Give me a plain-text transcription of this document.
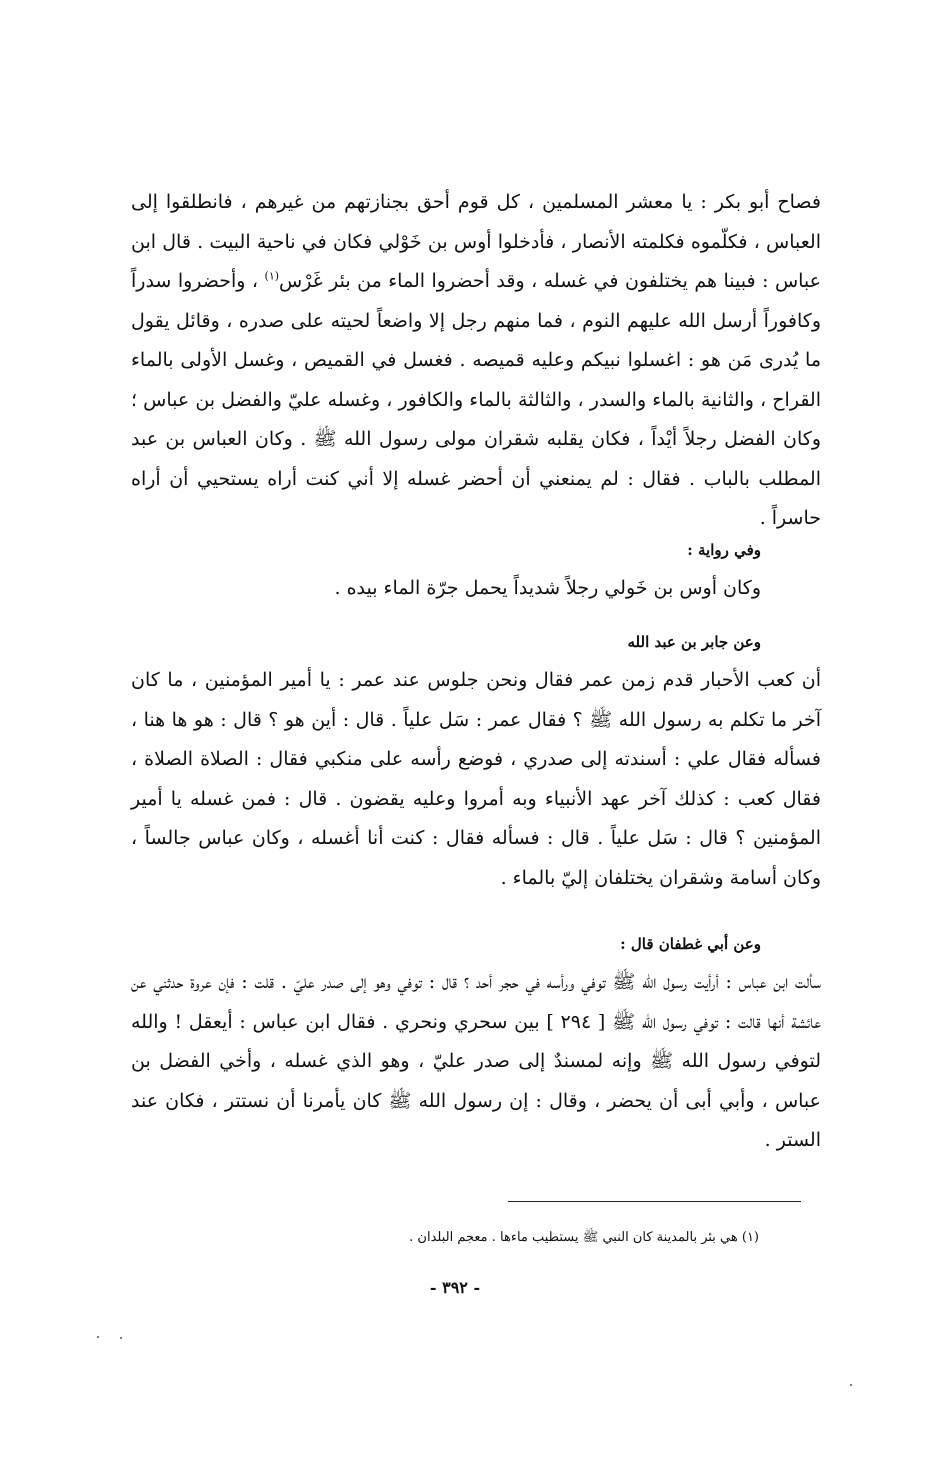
فصاح أبو بكر : يا معشر المسلمين ، كل قوم أحق بجنازتهم من غيرهم ، فانطلقوا إلى العباس ، فكلّموه فكلمته الأنصار ، فأدخلوا أوس بن خَوْلي فكان في ناحية البيت . قال ابن عباس : فبينا هم يختلفون في غسله ، وقد أحضروا الماء من بئر غَرْس$^{(١)}$ ، وأحضروا سدراً وكافوراً أرسل الله عليهم النوم ، فما منهم رجل إلا واضعاً لحيته على صدره ، وقائل يقول ما يُدرى مَن هو : اغسلوا نبيكم وعليه قميصه . فغسل في القميص ، وغسل الأولى بالماء القراح ، والثانية بالماء والسدر ، والثالثة بالماء والكافور ، وغسله عليّ والفضل بن عباس ؛ وكان الفضل رجلاً أيْداً ، فكان يقلبه شقران مولى رسول الله ﷺ . وكان العباس بن عبد المطلب بالباب . فقال : لم يمنعني أن أحضر غسله إلا أني كنت أراه يستحيي أن أراه حاسراً .

وفي رواية :

وكان أوس بن خَولي رجلاً شديداً يحمل جرّة الماء بيده .

وعن جابر بن عبد الله

أن كعب الأحبار قدم زمن عمر فقال ونحن جلوس عند عمر : يا أمير المؤمنين ، ما كان آخر ما تكلم به رسول الله ﷺ ؟ فقال عمر : سَل علياً . قال : أين هو ؟ قال : هو ها هنا ، فسأله فقال علي : أسندته إلى صدري ، فوضع رأسه على منكبي فقال : الصلاة الصلاة ، فقال كعب : كذلك آخر عهد الأنبياء وبه أمروا وعليه يقضون . قال : فمن غسله يا أمير المؤمنين ؟ قال : سَل علياً . قال : فسأله فقال : كنت أنا أغسله ، وكان عباس جالساً ، وكان أسامة وشقران يختلفان إليّ بالماء .

وعن أبي غطفان قال :

سألت ابن عباس : أرأيت رسول الله ﷺ توفي ورأسه في حجر أحد ؟ قال : توفي وهو إلى صدر عليّ . قلت : فإن عروة حدثني عن عائشة أنها قالت : توفي رسول الله ﷺ [ ٢٩٤ ] بين سحري ونحري . فقال ابن عباس : أيعقل ! والله لتوفي رسول الله ﷺ وإنه لمسندٌ إلى صدر عليّ ، وهو الذي غسله ، وأخي الفضل بن عباس ، وأبي أبى أن يحضر ، وقال : إن رسول الله ﷺ كان يأمرنا أن نستتر ، فكان عند الستر .

(١) هي بئر بالمدينة كان النبي ﷺ يستطيب ماءها . معجم البلدان .

- ٣٩٢ -
